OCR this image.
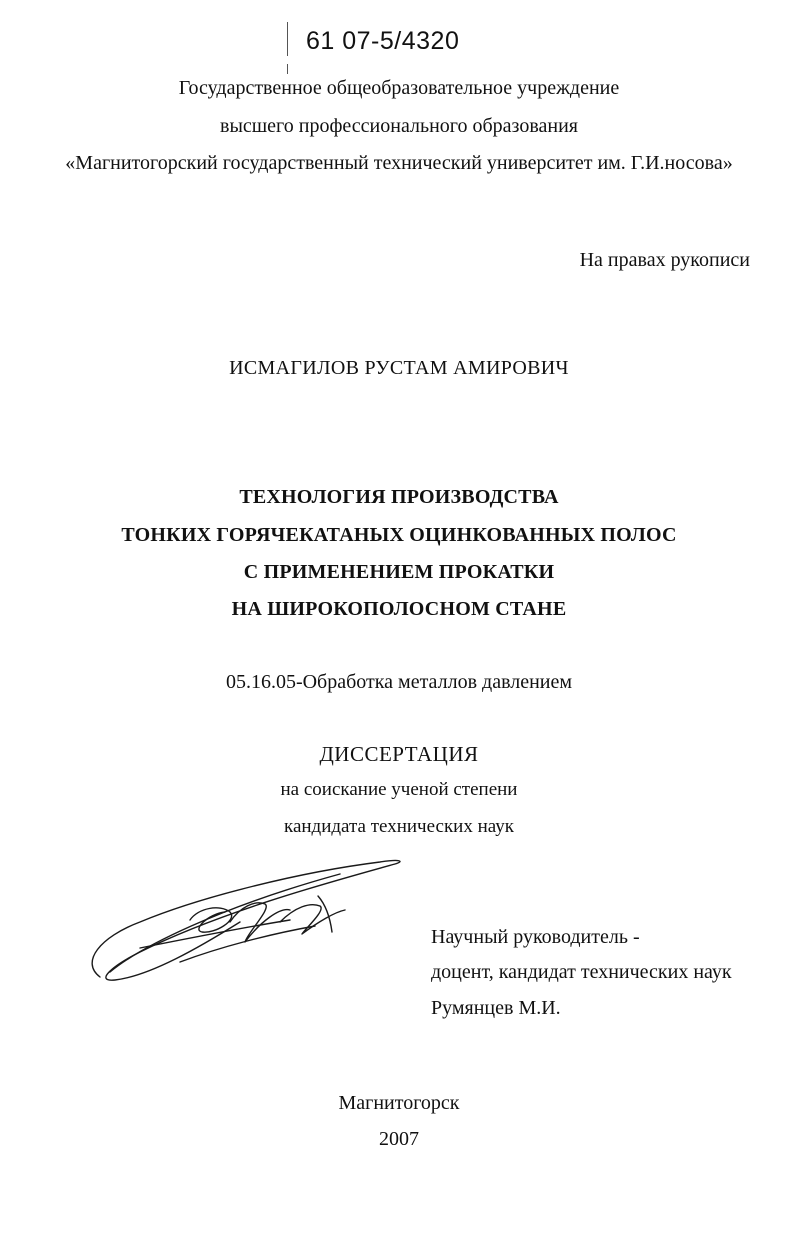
61 07-5/4320
Государственное общеобразовательное учреждение
высшего профессионального образования
«Магнитогорский государственный технический университет им. Г.И.носова»
На правах рукописи
ИСМАГИЛОВ РУСТАМ АМИРОВИЧ
ТЕХНОЛОГИЯ ПРОИЗВОДСТВА
ТОНКИХ ГОРЯЧЕКАТАНЫХ ОЦИНКОВАННЫХ ПОЛОС
С ПРИМЕНЕНИЕМ ПРОКАТКИ
НА ШИРОКОПОЛОСНОМ СТАНЕ
05.16.05-Обработка металлов давлением
ДИССЕРТАЦИЯ
на соискание ученой степени
кандидата технических наук
Научный руководитель -
доцент, кандидат технических наук
Румянцев М.И.
Магнитогорск
2007
